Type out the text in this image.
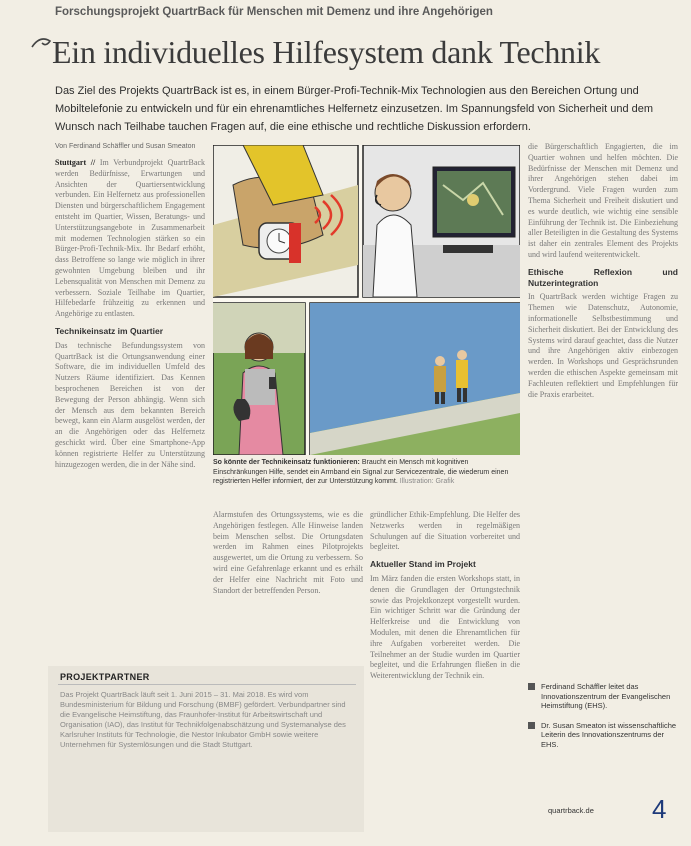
Forschungsprojekt QuartrBack für Menschen mit Demenz und ihre Angehörigen
Ein individuelles Hilfesystem dank Technik
Das Ziel des Projekts QuartrBack ist es, in einem Bürger-Profi-Technik-Mix Technologien aus den Bereichen Ortung und Mobiltelefonie zu entwickeln und für ein ehrenamtliches Helfernetz einzusetzen. Im Spannungsfeld von Sicherheit und dem Wunsch nach Teilhabe tauchen Fragen auf, die eine ethische und rechtliche Diskussion erfordern.
Von Ferdinand Schäffler und Susan Smeaton

Stuttgart // Im Verbundprojekt QuartrBack werden Bedürfnisse, Erwartungen und Ansichten der Quartiersentwicklung verbunden. Ein Helfernetz aus professionellen Diensten und bürgerschaftlichem Engagement entsteht im Quartier, Wissen, Beratungs- und Unterstützungsangebote in Zusammenarbeit mit modernen Technologien stärken so ein Bürger-Profi-Technik-Mix. Ihr Bedarf erhöht, dass Betroffene so lange wie möglich in ihrer gewohnten Umgebung bleiben und ihr Lebensqualität von Menschen mit Demenz zu verbessern. Soziale Teilhabe im Quartier, Hilfebedarfe frühzeitig zu erkennen und Angehörige zu entlasten.

Technikeinsatz im Quartier

Das technische Befundungssystem von QuartrBack ist die Ortungsanwendung einer Software, die im individuellen Umfeld des Nutzers Räume identifiziert. Das Kennen besprochenen Bereichen ist von der Bewegung der Person abhängig. Wenn sich der Mensch aus dem bekannten Bereich bewegt, kann ein Alarm ausgelöst werden, der an die Angehörigen oder das Helfernetz geschickt wird. Über eine Smartphone-App können registrierte Helfer zu Unterstützung hinzugezogen werden, die in der Nähe sind.	So könnte der Technikeinsatz funktionieren: Braucht ein Mensch mit kognitiven Einschränkungen Hilfe, sendet ein Armband ein Signal zur Servicezentrale, die wiederum einen registrierten Helfer informiert, der zur Unterstützung kommt. Illustration: Grafik

Alarmstufen des Ortungssystems, wie es die Angehörigen festlegen. Alle Hinweise landen beim Menschen selbst. Die Ortungsdaten werden im Rahmen eines Pilotprojekts ausgewertet, um die Ortung zu verbessern. So wird eine Gefahrenlage erkannt und es erhält der Helfer eine Nachricht mit Foto und Standort der betreffenden Person.

gründlicher Ethik-Empfehlung. Die Helfer des Netzwerks werden in regelmäßigen Schulungen auf die Situation vorbereitet und begleitet.

Aktueller Stand im Projekt

Im März fanden die ersten Workshops statt, in denen die Grundlagen der Ortungstechnik sowie das Projektkonzept vorgestellt wurden. Ein wichtiger Schritt war die Gründung der Helferkreise und die Entwicklung von Modulen, mit denen die Ehrenamtlichen für ihre Aufgaben vorbereitet werden. Die Teilnehmer an der Studie wurden im Quartier begleitet, und die Erfahrungen fließen in die Weiterentwicklung der Technik ein.

die Bürgerschaftlich Engagierten, die im Quartier wohnen und helfen möchten. Die Bedürfnisse der Menschen mit Demenz und ihrer Angehörigen stehen dabei im Vordergrund. Viele Fragen wurden zum Thema Sicherheit und Freiheit diskutiert und es wurde deutlich, wie wichtig eine sensible Einführung der Technik ist. Die Einbeziehung aller Beteiligten in die Gestaltung des Systems ist daher ein zentrales Element des Projekts und wird laufend weiterentwickelt.

Ethische Reflexion und Nutzerintegration

In QuartrBack werden wichtige Fragen zu Themen wie Datenschutz, Autonomie, informationelle Selbstbestimmung und Sicherheit diskutiert. Bei der Entwicklung des Systems wird darauf geachtet, dass die Nutzer und ihre Angehörigen aktiv einbezogen werden. In Workshops und Gesprächsrunden werden die ethischen Aspekte gemeinsam mit Fachleuten reflektiert und Empfehlungen für die Praxis erarbeitet.

PROJEKTPARTNER
Das Projekt QuartrBack läuft seit 1. Juni 2015 – 31. Mai 2018. Es wird vom Bundesministerium für Bildung und Forschung (BMBF) gefördert. Verbundpartner sind die Evangelische Heimstiftung, das Fraunhofer-Institut für Arbeitswirtschaft und Organisation (IAO), das Institut für Technikfolgenabschätzung und Systemanalyse des Karlsruher Instituts für Technologie, die Nestor Inkubator GmbH sowie weitere Unternehmen für Systemlösungen und die Stadt Stuttgart.
Ferdinand Schäffler leitet das Innovationszentrum der Evangelischen Heimstiftung (EHS).
Dr. Susan Smeaton ist wissenschaftliche Leiterin des Innovationszentrums der EHS.
quartrback.de 4
